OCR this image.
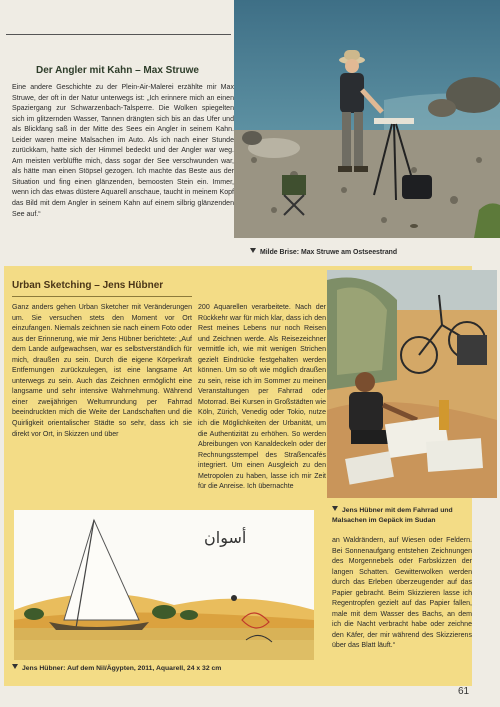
Der Angler mit Kahn – Max Struwe
Eine andere Geschichte zu der Plein-Air-Malerei erzählte mir Max Struwe, der oft in der Natur unterwegs ist: „Ich erinnere mich an einen Spaziergang zur Schwarzenbach-Talsperre. Die Wolken spiegelten sich im glitzernden Wasser, Tannen drängten sich bis an das Ufer und als Blickfang saß in der Mitte des Sees ein Angler in seinem Kahn. Leider waren meine Malsachen im Auto. Als ich nach einer Stunde zurückkam, hatte sich der Himmel bedeckt und der Angler war weg. Am meisten verblüffte mich, dass sogar der See verschwunden war, als hätte man einen Stöpsel gezogen. Ich machte das Beste aus der Situation und fing einen glänzenden, bemoosten Stein ein. Immer, wenn ich das etwas düstere Aquarell anschaue, taucht in meinem Kopf das Bild mit dem Angler in seinem Kahn auf einem silbrig glänzenden See auf.“
Milde Brise: Max Struwe am Ostseestrand
Urban Sketching – Jens Hübner
Ganz anders gehen Urban Sketcher mit Veränderungen um. Sie versuchen stets den Moment vor Ort einzufangen. Niemals zeichnen sie nach einem Foto oder aus der Erinnerung, wie mir Jens Hübner berichtete: „Auf dem Lande aufgewachsen, war es selbstverständlich für mich, draußen zu sein. Durch die eigene Körperkraft Entfernungen zurückzulegen, ist eine langsame Art unterwegs zu sein. Auch das Zeichnen ermöglicht eine langsame und sehr intensive Wahrnehmung. Während einer zweijährigen Weltumrundung per Fahrrad beeindruckten mich die Weite der Landschaften und die Quirligkeit orientalischer Städte so sehr, dass ich sie direkt vor Ort, in Skizzen und über
200 Aquarellen verarbeitete. Nach der Rückkehr war für mich klar, dass ich den Rest meines Lebens nur noch Reisen und Zeichnen werde. Als Reisezeichner vermittle ich, wie mit wenigen Strichen gezielt Eindrücke festgehalten werden können. Um so oft wie möglich draußen zu sein, reise ich im Sommer zu meinen Veranstaltungen per Fahrrad oder Motorrad. Bei Kursen in Großstädten wie Köln, Zürich, Venedig oder Tokio, nutze ich die Möglichkeiten der Urbanität, um die Authentizität zu erhöhen. So werden Abreibungen von Kanaldeckeln oder der Rechnungsstempel des Straßencafés integriert. Um einen Ausgleich zu den Metropolen zu haben, lasse ich mir Zeit für die Anreise. Ich übernachte
Jens Hübner mit dem Fahrrad und Malsachen im Gepäck im Sudan
an Waldrändern, auf Wiesen oder Feldern. Bei Sonnenaufgang entstehen Zeichnungen des Morgennebels oder Farbskizzen der langen Schatten. Gewitterwolken werden durch das Erleben überzeugender auf das Papier gebracht. Beim Skizzieren lasse ich Regentropfen gezielt auf das Papier fallen, male mit dem Wasser des Bachs, an dem ich die Nacht verbracht habe oder zeichne den Käfer, der mir während des Skizzierens über das Blatt läuft.“
أسوان
Jens Hübner: Auf dem Nil/Ägypten, 2011, Aquarell, 24 x 32 cm
61
